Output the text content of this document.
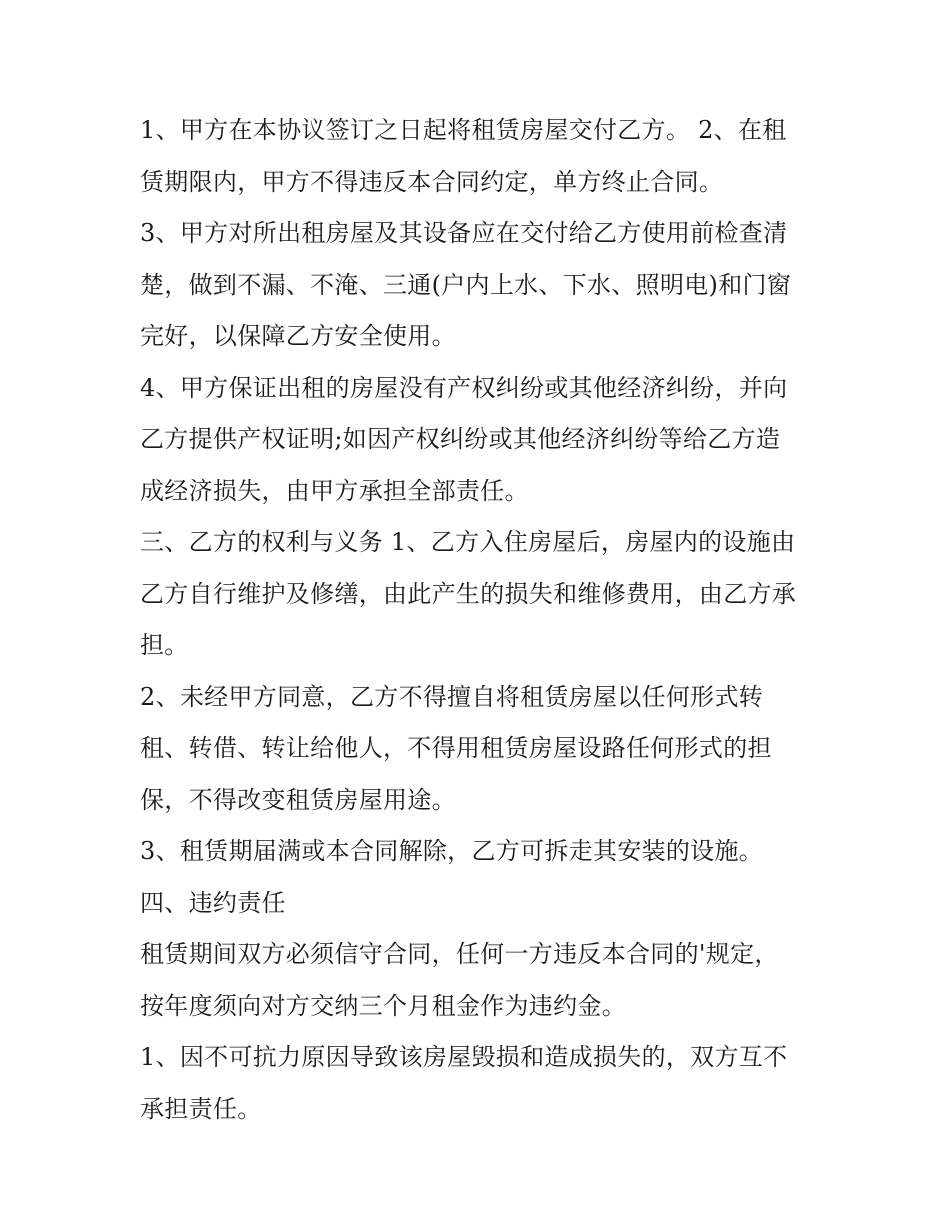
1、甲方在本协议签订之日起将租赁房屋交付乙方。 2、在租

赁期限内，甲方不得违反本合同约定，单方终止合同。

3、甲方对所出租房屋及其设备应在交付给乙方使用前检查清

楚，做到不漏、不淹、三通(户内上水、下水、照明电)和门窗

完好，以保障乙方安全使用。

4、甲方保证出租的房屋没有产权纠纷或其他经济纠纷，并向

乙方提供产权证明;如因产权纠纷或其他经济纠纷等给乙方造

成经济损失，由甲方承担全部责任。

三、乙方的权利与义务 1、乙方入住房屋后，房屋内的设施由

乙方自行维护及修缮，由此产生的损失和维修费用，由乙方承

担。

2、未经甲方同意，乙方不得擅自将租赁房屋以任何形式转

租、转借、转让给他人，不得用租赁房屋设路任何形式的担

保，不得改变租赁房屋用途。

3、租赁期届满或本合同解除，乙方可拆走其安装的设施。

四、违约责任

租赁期间双方必须信守合同，任何一方违反本合同的'规定，

按年度须向对方交纳三个月租金作为违约金。

1、因不可抗力原因导致该房屋毁损和造成损失的，双方互不

承担责任。
